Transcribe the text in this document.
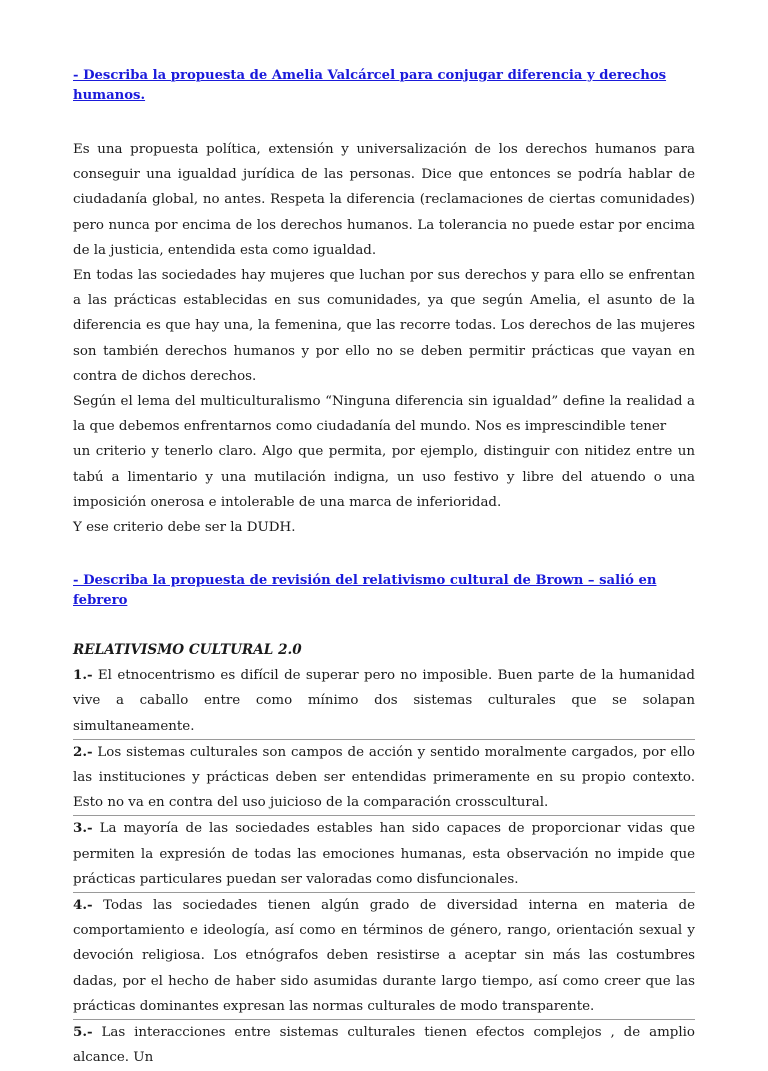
- Describa la propuesta de Amelia Valcárcel para conjugar diferencia y derechos humanos.

Es una propuesta política, extensión y universalización de los derechos humanos para conseguir una igualdad jurídica de las personas. Dice que entonces se podría hablar de ciudadanía global, no antes. Respeta la diferencia (reclamaciones de ciertas comunidades) pero nunca por encima de los derechos humanos. La tolerancia no puede estar por encima de la justicia, entendida esta como igualdad.

En todas las sociedades hay mujeres que luchan por sus derechos y para ello se enfrentan a las prácticas establecidas en sus comunidades, ya que según Amelia, el asunto de la diferencia es que hay una, la femenina, que las recorre todas. Los derechos de las mujeres son también derechos humanos y por ello no se deben permitir prácticas que vayan en contra de dichos derechos.

Según el lema del multiculturalismo “Ninguna diferencia sin igualdad” define la realidad a la que debemos enfrentarnos como ciudadanía del mundo. Nos es imprescindible tener

un criterio y tenerlo claro. Algo que permita, por ejemplo, distinguir con nitidez entre un tabú a limentario y una mutilación indigna, un uso festivo y libre del atuendo o una imposición onerosa e intolerable de una marca de inferioridad.

Y ese criterio debe ser la DUDH.

- Describa la propuesta de revisión del relativismo cultural de Brown – salió en febrero

RELATIVISMO CULTURAL 2.0

1.- El etnocentrismo es difícil de superar pero no imposible. Buen parte de la humanidad vive a caballo entre como mínimo dos sistemas culturales que se solapan simultaneamente.

2.- Los sistemas culturales son campos de acción y sentido moralmente cargados, por ello las instituciones y prácticas deben ser entendidas primeramente en su propio contexto. Esto no va en contra del uso juicioso de la comparación crosscultural.

3.- La mayoría de las sociedades estables han sido capaces de proporcionar vidas que permiten la expresión de todas las emociones humanas, esta observación no impide que prácticas particulares puedan ser valoradas como disfuncionales.

4.- Todas las sociedades tienen algún grado de diversidad interna en materia de comportamiento e ideología, así como en términos de género, rango, orientación sexual y devoción religiosa. Los etnógrafos deben resistirse a aceptar sin más las costumbres dadas, por el hecho de haber sido asumidas durante largo tiempo, así como creer que las prácticas dominantes expresan las normas culturales de modo transparente.

5.- Las interacciones entre sistemas culturales tienen efectos complejos , de amplio alcance. Un
